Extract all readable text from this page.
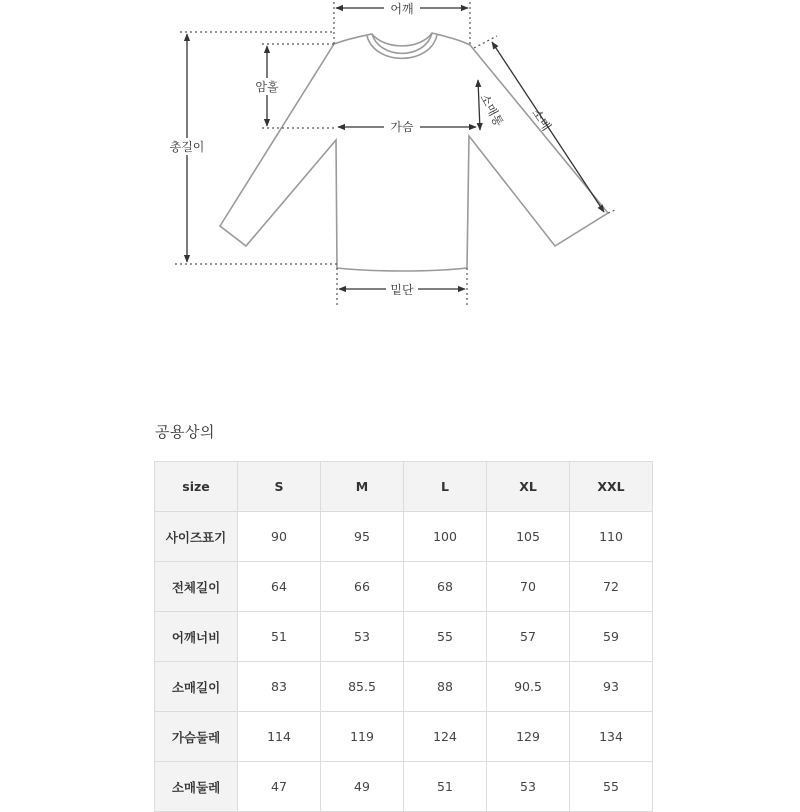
어깨
암홀
총길이
가슴	소매통 소매
밑단
공용상의
size	S	M	L	XL	XXL
사이즈표기	90	95	100	105	110
전체길이	64	66	68	70	72
어깨너비	51	53	55	57	59
소매길이	83	85.5	88	90.5	93
가슴둘레	114	119	124	129	134
소매둘레	47	49	51	53	55
